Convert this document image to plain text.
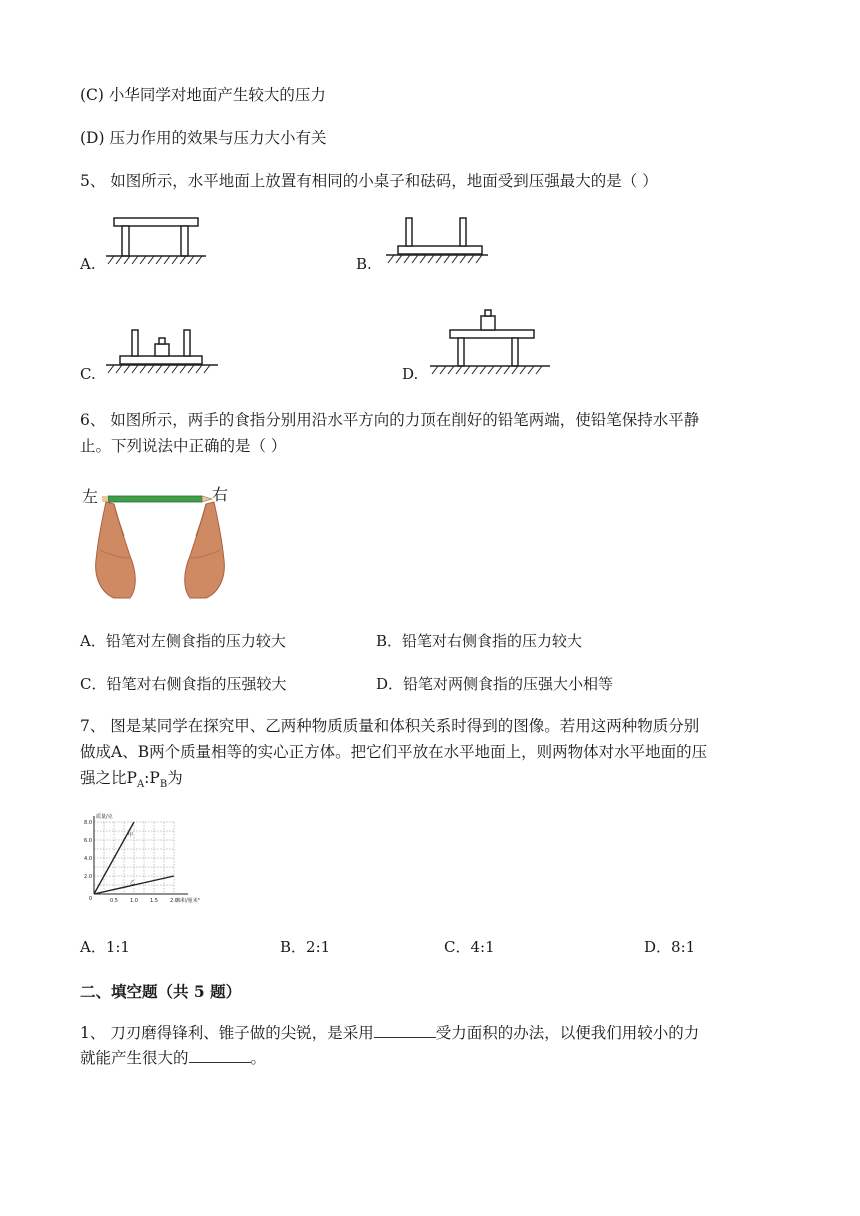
(C) 小华同学对地面产生较大的压力
(D) 压力作用的效果与压力大小有关
5、 如图所示，水平地面上放置有相同的小桌子和砝码，地面受到压强最大的是（ ）
A.	B.
C.	D.
6、 如图所示，两手的食指分别用沿水平方向的力顶在削好的铅笔两端，使铅笔保持水平静
止。下列说法中正确的是（ ）
左	右
A．铅笔对左侧食指的压力较大	B．铅笔对右侧食指的压力较大
C．铅笔对右侧食指的压强较大	D．铅笔对两侧食指的压强大小相等
7、 图是某同学在探究甲、乙两种物质质量和体积关系时得到的图像。若用这两种物质分别
做成A、B两个质量相等的实心正方体。把它们平放在水平地面上，则两物体对水平地面的压
强之比$P_A:P_B$为
0.5 1.0 1.5 2.0
2.0
4.0
6.0
8.0
0	体积/厘米³
质量/克
甲
乙
A．1:1	B．2:1	C．4:1	D．8:1
二、填空题（共 5 题）
1、 刀刃磨得锋利、锥子做的尖锐，是采用	受力面积的办法，以便我们用较小的力
就能产生很大的	。
